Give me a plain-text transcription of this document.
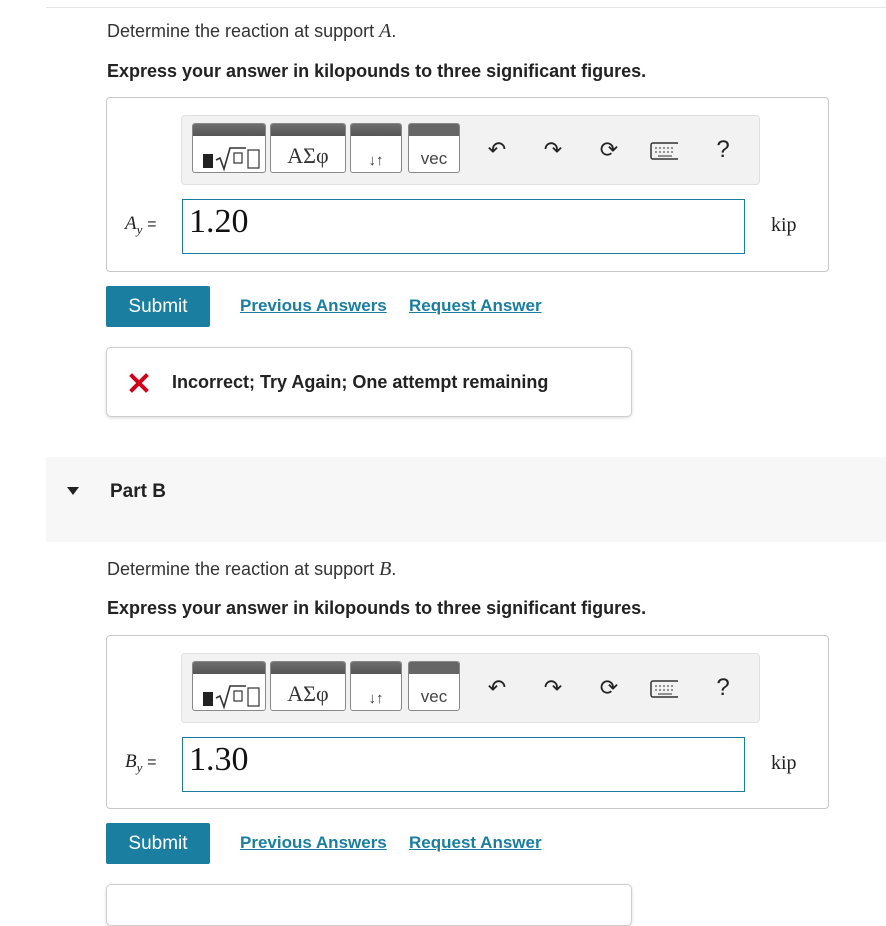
Determine the reaction at support A.
Express your answer in kilopounds to three significant figures.
ΑΣφ	↓↑	vec	↶ ↷ ⟳	?
$A_y = 1.20$	kip
Submit	Previous Answers Request Answer
Incorrect; Try Again; One attempt remaining
Part B
Determine the reaction at support B.
Express your answer in kilopounds to three significant figures.
ΑΣφ	↓↑	vec	↶ ↷ ⟳	?
$B_y = 1.30$	kip
Submit	Previous Answers Request Answer
